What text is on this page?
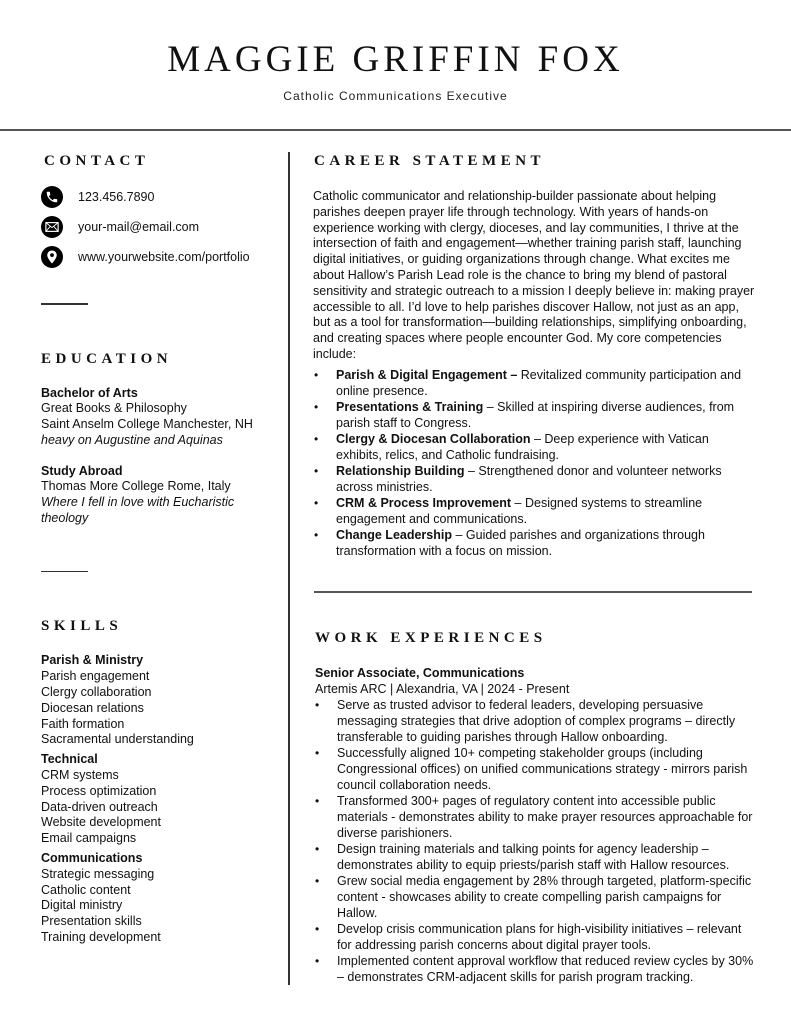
MAGGIE GRIFFIN FOX
Catholic Communications Executive
CONTACT
123.456.7890
your-mail@email.com
www.yourwebsite.com/portfolio
EDUCATION
Bachelor of Arts
Great Books & Philosophy
Saint Anselm College Manchester, NH
heavy on Augustine and Aquinas
Study Abroad
Thomas More College Rome, Italy
Where I fell in love with Eucharistic theology
SKILLS
Parish & Ministry
Parish engagement
Clergy collaboration
Diocesan relations
Faith formation
Sacramental understanding
Technical
CRM systems
Process optimization
Data-driven outreach
Website development
Email campaigns
Communications
Strategic messaging
Catholic content
Digital ministry
Presentation skills
Training development
CAREER STATEMENT
Catholic communicator and relationship-builder passionate about helping parishes deepen prayer life through technology. With years of hands-on experience working with clergy, dioceses, and lay communities, I thrive at the intersection of faith and engagement—whether training parish staff, launching digital initiatives, or guiding organizations through change. What excites me about Hallow’s Parish Lead role is the chance to bring my blend of pastoral sensitivity and strategic outreach to a mission I deeply believe in: making prayer accessible to all. I’d love to help parishes discover Hallow, not just as an app, but as a tool for transformation—building relationships, simplifying onboarding, and creating spaces where people encounter God. My core competencies include:
• Parish & Digital Engagement – Revitalized community participation and online presence.
• Presentations & Training – Skilled at inspiring diverse audiences, from parish staff to Congress.
• Clergy & Diocesan Collaboration – Deep experience with Vatican exhibits, relics, and Catholic fundraising.
• Relationship Building – Strengthened donor and volunteer networks across ministries.
• CRM & Process Improvement – Designed systems to streamline engagement and communications.
• Change Leadership – Guided parishes and organizations through transformation with a focus on mission.
WORK EXPERIENCES
Senior Associate, Communications
Artemis ARC | Alexandria, VA | 2024 - Present
• Serve as trusted advisor to federal leaders, developing persuasive messaging strategies that drive adoption of complex programs – directly transferable to guiding parishes through Hallow onboarding.
• Successfully aligned 10+ competing stakeholder groups (including Congressional offices) on unified communications strategy - mirrors parish council collaboration needs.
• Transformed 300+ pages of regulatory content into accessible public materials - demonstrates ability to make prayer resources approachable for diverse parishioners.
• Design training materials and talking points for agency leadership – demonstrates ability to equip priests/parish staff with Hallow resources.
• Grew social media engagement by 28% through targeted, platform-specific content - showcases ability to create compelling parish campaigns for Hallow.
• Develop crisis communication plans for high-visibility initiatives – relevant for addressing parish concerns about digital prayer tools.
• Implemented content approval workflow that reduced review cycles by 30% – demonstrates CRM-adjacent skills for parish program tracking.
